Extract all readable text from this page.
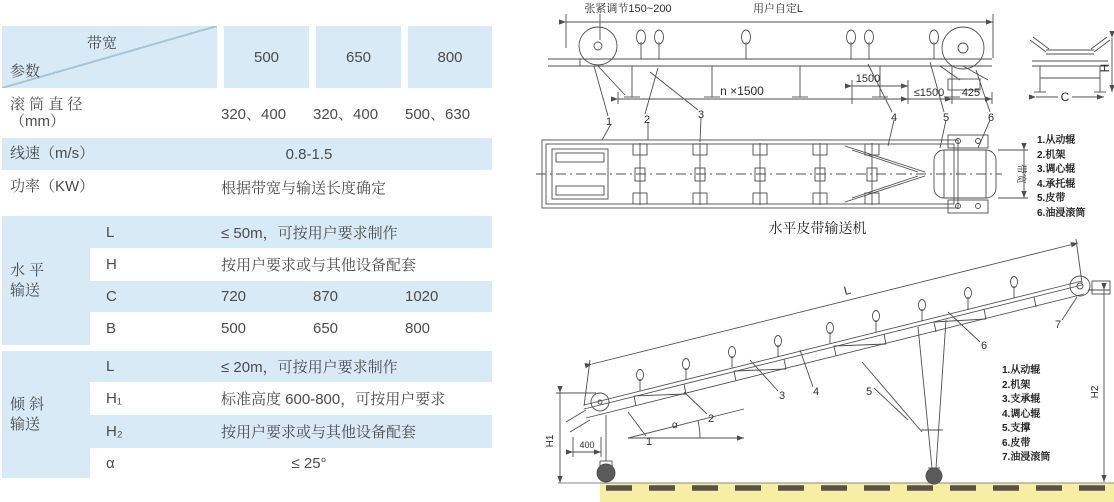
带宽
参数
500	650	800
滚 筒 直 径
（mm）	320、400	320、400	500、630
线速（m/s）	0.8-1.5
功率（KW）	根据带宽与输送长度确定
水 平
输送
L	≤ 50m，可按用户要求制作
H	按用户要求或与其他设备配套
C	720	870	1020
B	500	650	800
倾 斜
输送
L	≤ 20m，可按用户要求制作
H₁	标准高度 600-800，可按用户要求
H₂	按用户要求或与其他设备配套
α	≤ 25°
张紧调节150~200	用户自定L
n ×1500
1500
≤1500 425
1	2	3	4	5	6
H
C
带宽
L
H1
H2
400
α
1
2
3	4	5
6
7
水平皮带输送机
1.从动辊
2.机架
3.调心辊
4.承托辊
5.皮带
6.油浸滚筒
1.从动辊
2.机架
3.支承辊
4.调心辊
5.支撑
6.皮带
7.油浸滚筒
